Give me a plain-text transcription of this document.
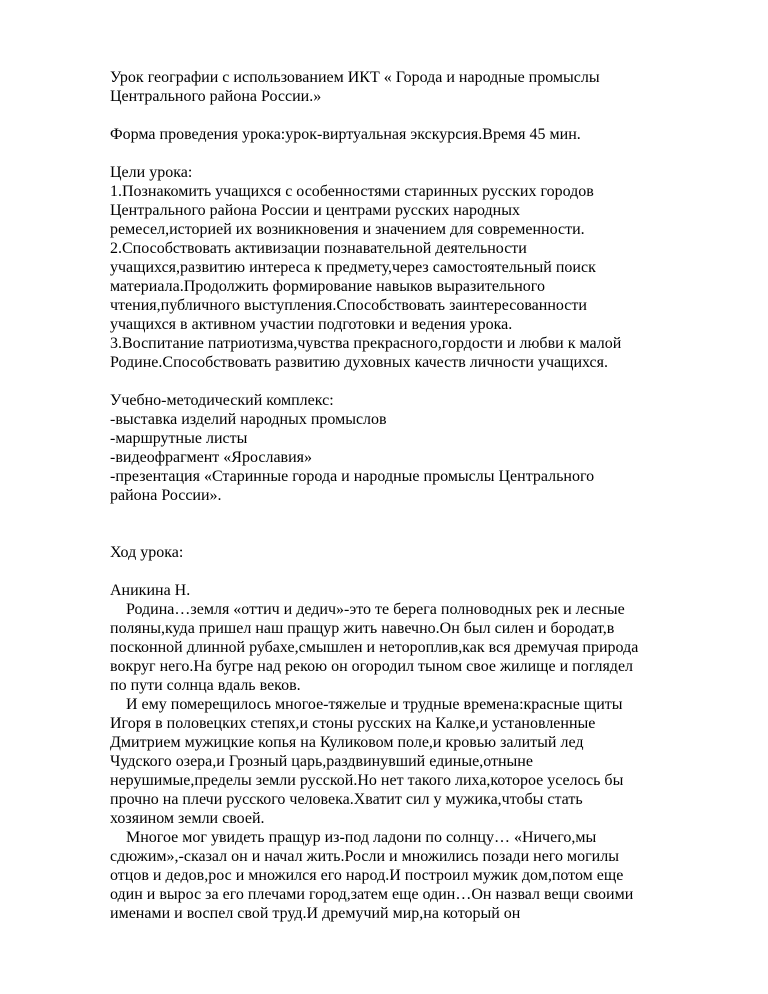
Урок географии с использованием ИКТ « Города и народные промыслы
Центрального района России.»
Форма проведения урока:урок-виртуальная экскурсия.Время 45 мин.
Цели урока:
1.Познакомить учащихся с особенностями старинных русских городов
Центрального района России и центрами русских народных
ремесел,историей их возникновения и значением для современности.
2.Способствовать активизации познавательной деятельности
учащихся,развитию интереса к предмету,через самостоятельный поиск
материала.Продолжить формирование навыков выразительного
чтения,публичного выступления.Способствовать заинтересованности
учащихся в активном участии подготовки и ведения урока.
3.Воспитание патриотизма,чувства прекрасного,гордости и любви к малой
Родине.Способствовать развитию духовных качеств личности учащихся.
Учебно-методический комплекс:
-выставка изделий народных промыслов
-маршрутные листы
-видеофрагмент «Ярославия»
-презентация «Старинные города и народные промыслы Центрального
района России».
Ход урока:
Аникина Н.
Родина…земля «оттич и дедич»-это те берега полноводных рек и лесные
поляны,куда пришел наш пращур жить навечно.Он был силен и бородат,в
посконной длинной рубахе,смышлен и нетороплив,как вся дремучая природа
вокруг него.На бугре над рекою он огородил тыном свое жилище и поглядел
по пути солнца вдаль веков.
И ему померещилось многое-тяжелые и трудные времена:красные щиты
Игоря в половецких степях,и стоны русских на Калке,и установленные
Дмитрием мужицкие копья на Куликовом поле,и кровью залитый лед
Чудского озера,и Грозный царь,раздвинувший единые,отныне
нерушимые,пределы земли русской.Но нет такого лиха,которое уселось бы
прочно на плечи русского человека.Хватит сил у мужика,чтобы стать
хозяином земли своей.
Многое мог увидеть пращур из-под ладони по солнцу… «Ничего,мы
сдюжим»,-сказал он и начал жить.Росли и множились позади него могилы
отцов и дедов,рос и множился его народ.И построил мужик дом,потом еще
один и вырос за его плечами город,затем еще один…Он назвал вещи своими
именами и воспел свой труд.И дремучий мир,на который он
